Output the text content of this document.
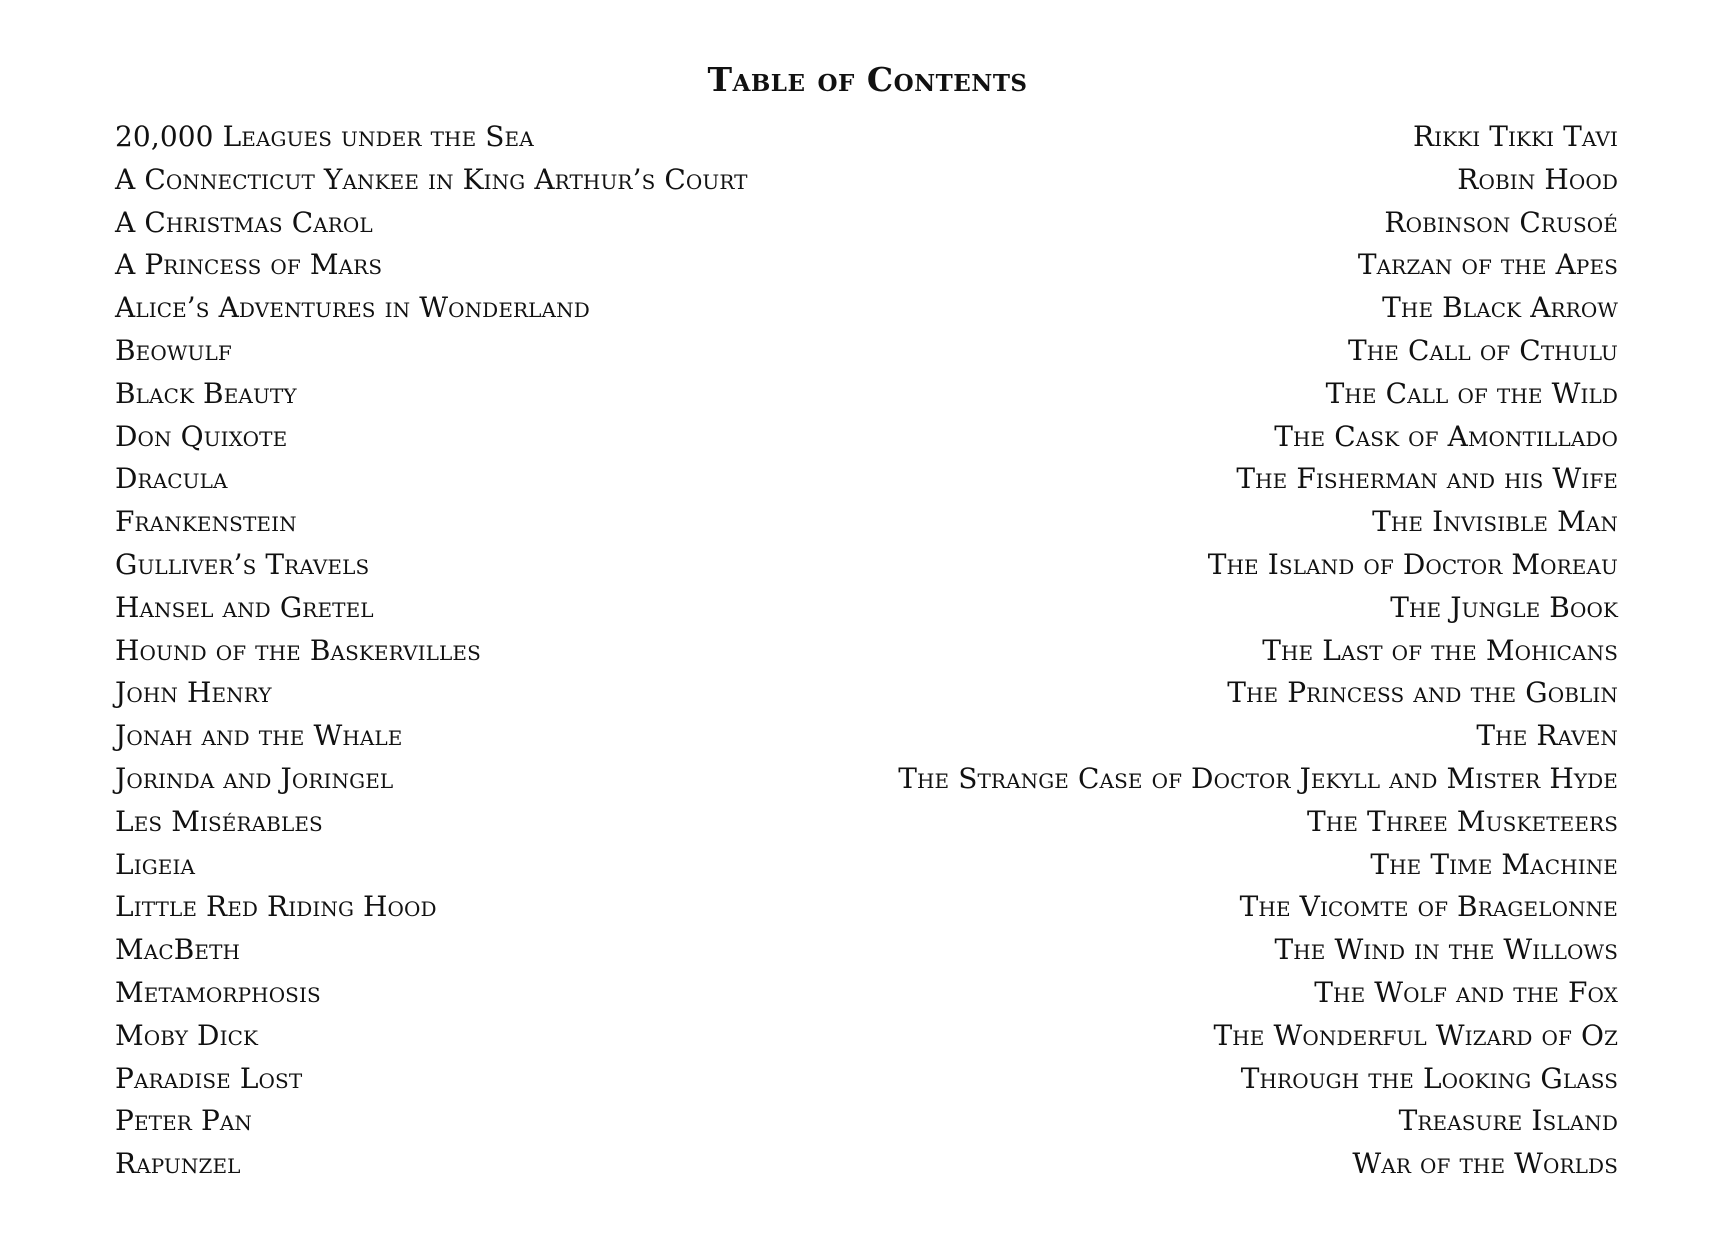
Table of Contents
20,000 Leagues under the Sea
A Connecticut Yankee in King Arthur’s Court
A Christmas Carol
A Princess of Mars
Alice’s Adventures in Wonderland
Beowulf
Black Beauty
Don Quixote
Dracula
Frankenstein
Gulliver’s Travels
Hansel and Gretel
Hound of the Baskervilles
John Henry
Jonah and the Whale
Jorinda and Joringel
Les Misérables
Ligeia
Little Red Riding Hood
MacBeth
Metamorphosis
Moby Dick
Paradise Lost
Peter Pan
Rapunzel
Rikki Tikki Tavi
Robin Hood
Robinson Crusoé
Tarzan of the Apes
The Black Arrow
The Call of Cthulu
The Call of the Wild
The Cask of Amontillado
The Fisherman and his Wife
The Invisible Man
The Island of Doctor Moreau
The Jungle Book
The Last of the Mohicans
The Princess and the Goblin
The Raven
The Strange Case of Doctor Jekyll and Mister Hyde
The Three Musketeers
The Time Machine
The Vicomte of Bragelonne
The Wind in the Willows
The Wolf and the Fox
The Wonderful Wizard of Oz
Through the Looking Glass
Treasure Island
War of the Worlds
